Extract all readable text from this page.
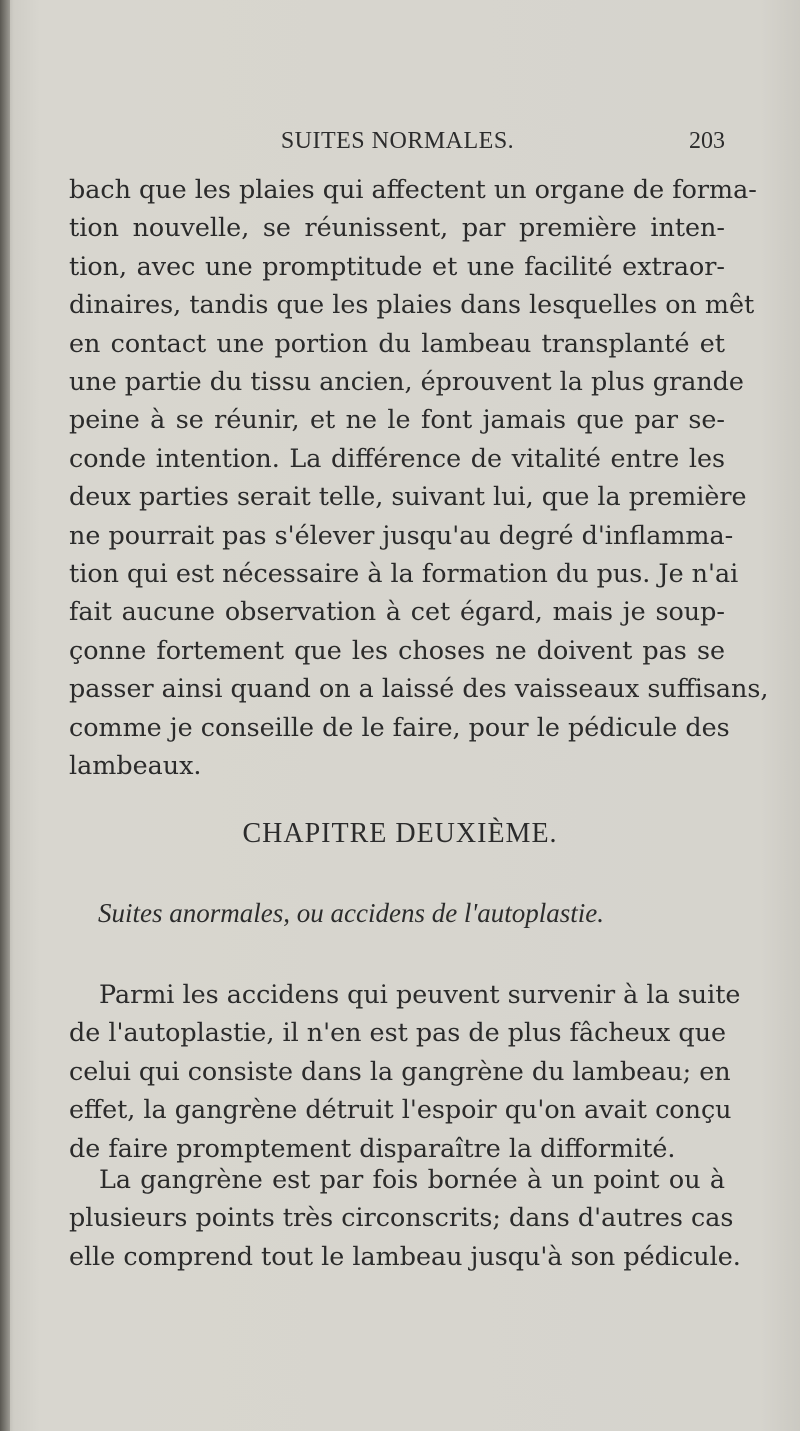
SUITES NORMALES.	203

bach que les plaies qui affectent un organe de forma-
tion nouvelle, se réunissent, par première inten-
tion, avec une promptitude et une facilité extraor-
dinaires, tandis que les plaies dans lesquelles on mêt
en contact une portion du lambeau transplanté et
une partie du tissu ancien, éprouvent la plus grande
peine à se réunir, et ne le font jamais que par se-
conde intention. La différence de vitalité entre les
deux parties serait telle, suivant lui, que la première
ne pourrait pas s'élever jusqu'au degré d'inflamma-
tion qui est nécessaire à la formation du pus. Je n'ai
fait aucune observation à cet égard, mais je soup-
çonne fortement que les choses ne doivent pas se
passer ainsi quand on a laissé des vaisseaux suffisans,
comme je conseille de le faire, pour le pédicule des
lambeaux.

CHAPITRE DEUXIÈME.
Suites anormales, ou accidens de l'autoplastie.

Parmi les accidens qui peuvent survenir à la suite
de l'autoplastie, il n'en est pas de plus fâcheux que
celui qui consiste dans la gangrène du lambeau; en
effet, la gangrène détruit l'espoir qu'on avait conçu
de faire promptement disparaître la difformité.

La gangrène est par fois bornée à un point ou à
plusieurs points très circonscrits; dans d'autres cas
elle comprend tout le lambeau jusqu'à son pédicule.
